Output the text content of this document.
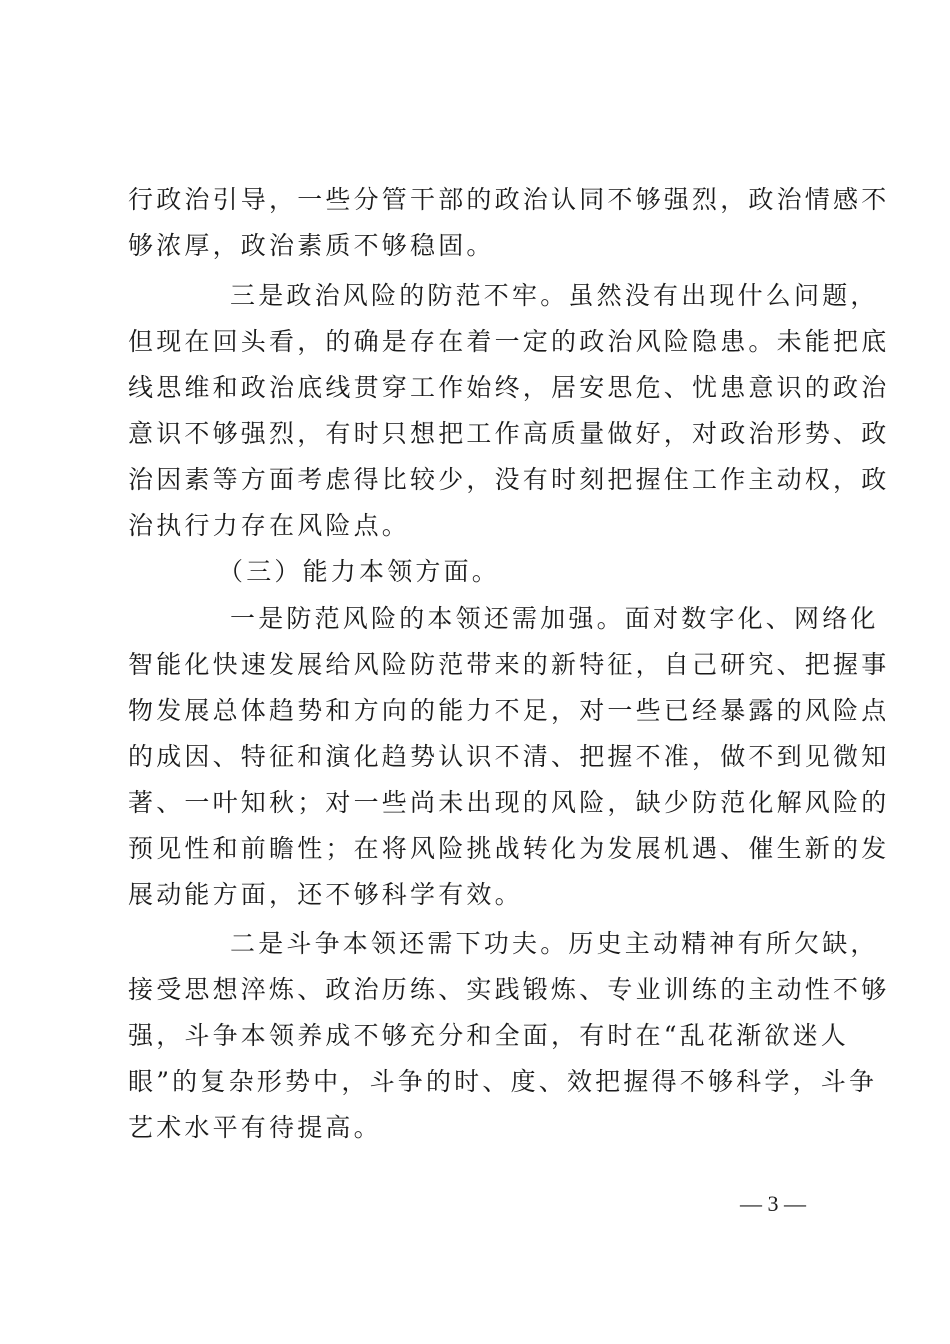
行政治引导，一些分管干部的政治认同不够强烈，政治情感不
够浓厚，政治素质不够稳固。
三是政治风险的防范不牢。虽然没有出现什么问题，
但现在回头看，的确是存在着一定的政治风险隐患。未能把底
线思维和政治底线贯穿工作始终，居安思危、忧患意识的政治
意识不够强烈，有时只想把工作高质量做好，对政治形势、政
治因素等方面考虑得比较少，没有时刻把握住工作主动权，政
治执行力存在风险点。
（三）能力本领方面。
一是防范风险的本领还需加强。面对数字化、网络化
智能化快速发展给风险防范带来的新特征，自己研究、把握事
物发展总体趋势和方向的能力不足，对一些已经暴露的风险点
的成因、特征和演化趋势认识不清、把握不准，做不到见微知
著、一叶知秋；对一些尚未出现的风险，缺少防范化解风险的
预见性和前瞻性；在将风险挑战转化为发展机遇、催生新的发
展动能方面，还不够科学有效。
二是斗争本领还需下功夫。历史主动精神有所欠缺，
接受思想淬炼、政治历练、实践锻炼、专业训练的主动性不够
强，斗争本领养成不够充分和全面，有时在“乱花渐欲迷人
眼”的复杂形势中，斗争的时、度、效把握得不够科学，斗争
艺术水平有待提高。
— 3 —
